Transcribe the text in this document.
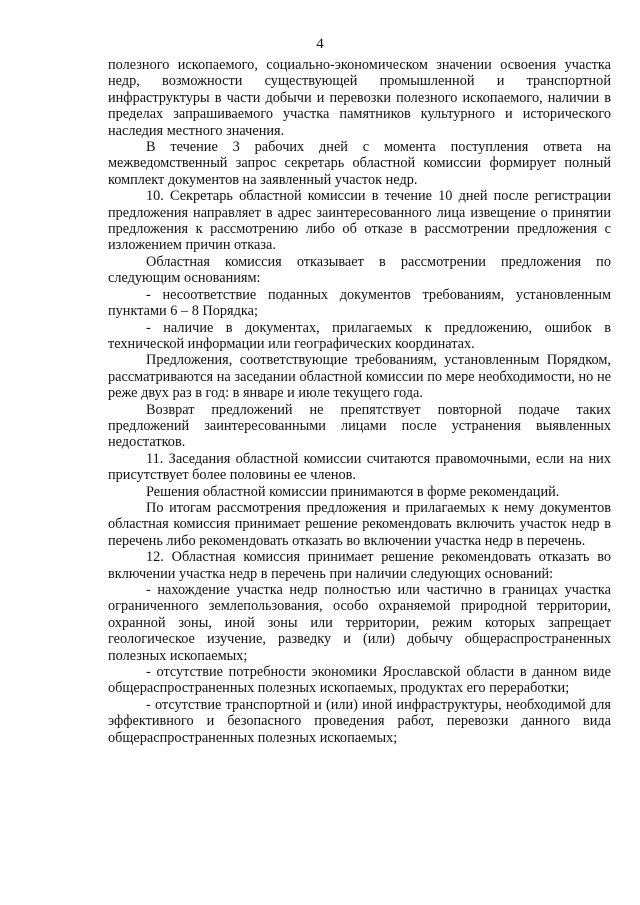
4

полезного ископаемого, социально-экономическом значении освоения участка недр, возможности существующей промышленной и транспортной инфраструктуры в части добычи и перевозки полезного ископаемого, наличии в пределах запрашиваемого участка памятников культурного и исторического наследия местного значения.

В течение 3 рабочих дней с момента поступления ответа на межведомственный запрос секретарь областной комиссии формирует полный комплект документов на заявленный участок недр.

10. Секретарь областной комиссии в течение 10 дней после регистрации предложения направляет в адрес заинтересованного лица извещение о принятии предложения к рассмотрению либо об отказе в рассмотрении предложения с изложением причин отказа.

Областная комиссия отказывает в рассмотрении предложения по следующим основаниям:

- несоответствие поданных документов требованиям, установленным пунктами 6 – 8 Порядка;

- наличие в документах, прилагаемых к предложению, ошибок в технической информации или географических координатах.

Предложения, соответствующие требованиям, установленным Порядком, рассматриваются на заседании областной комиссии по мере необходимости, но не реже двух раз в год: в январе и июле текущего года.

Возврат предложений не препятствует повторной подаче таких предложений заинтересованными лицами после устранения выявленных недостатков.

11. Заседания областной комиссии считаются правомочными, если на них присутствует более половины ее членов.

Решения областной комиссии принимаются в форме рекомендаций.

По итогам рассмотрения предложения и прилагаемых к нему документов областная комиссия принимает решение рекомендовать включить участок недр в перечень либо рекомендовать отказать во включении участка недр в перечень.

12. Областная комиссия принимает решение рекомендовать отказать во включении участка недр в перечень при наличии следующих оснований:

- нахождение участка недр полностью или частично в границах участка ограниченного землепользования, особо охраняемой природной территории, охранной зоны, иной зоны или территории, режим которых запрещает геологическое изучение, разведку и (или) добычу общераспространенных полезных ископаемых;

- отсутствие потребности экономики Ярославской области в данном виде общераспространенных полезных ископаемых, продуктах его переработки;

- отсутствие транспортной и (или) иной инфраструктуры, необходимой для эффективного и безопасного проведения работ, перевозки данного вида общераспространенных полезных ископаемых;
